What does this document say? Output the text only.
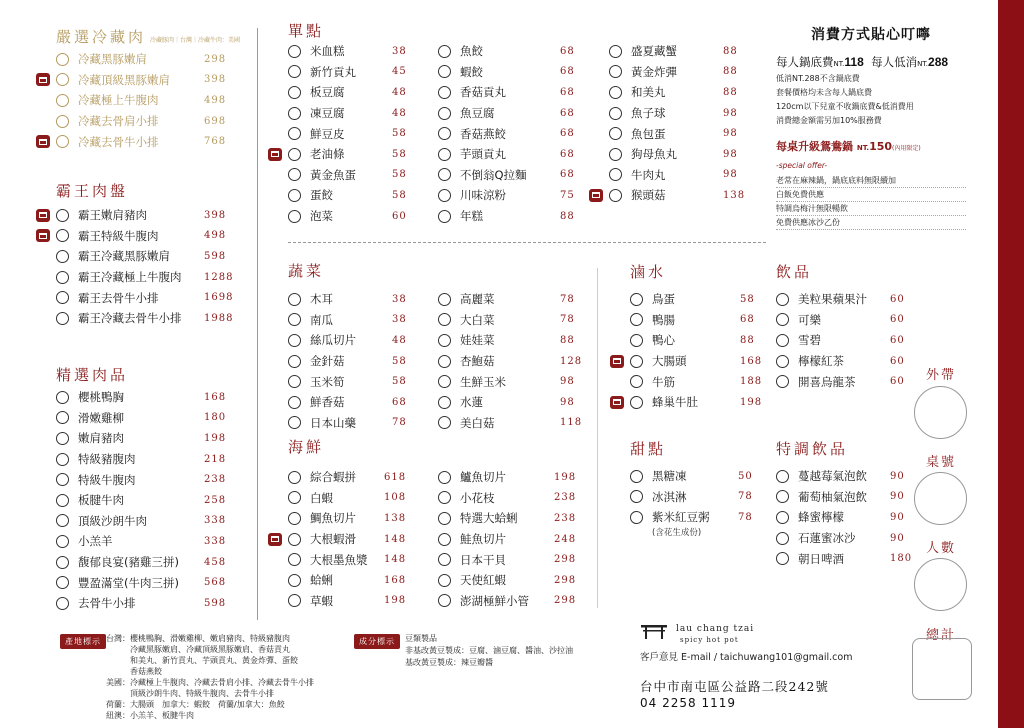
嚴選冷藏肉 冷藏豚肉｜台灣｜冷藏牛肉：美國
冷藏黑豚嫩肩	298
冷藏頂級黑豚嫩肩	398
冷藏極上牛腹肉	498
冷藏去骨肩小排	698
冷藏去骨牛小排	768
霸王肉盤
霸王嫩肩豬肉	398
霸王特級牛腹肉	498
霸王冷藏黑豚嫩肩	598
霸王冷藏極上牛腹肉 1288
霸王去骨牛小排	1698
霸王冷藏去骨牛小排 1988
精選肉品
櫻桃鴨胸	168
滑嫩雞柳	180
嫩肩豬肉	198
特級豬腹肉	218
特級牛腹肉	238
板腱牛肉	258
頂級沙朗牛肉	338
小羔羊	338
馥郁良宴(豬雞三拼)	458
豐盈滿堂(牛肉三拼)	568
去骨牛小排	598
單點
米血糕	38
新竹貢丸	45
板豆腐	48
凍豆腐	48
鮮豆皮	58
老油條	58
黃金魚蛋	58
蛋餃	58
泡菜	60
魚餃	68
蝦餃	68
香菇貢丸	68
魚豆腐	68
香菇燕餃	68
芋頭貢丸	68
不倒翁Q拉麵	68
川味涼粉	75
年糕	88
盛夏藏蟹	88
黃金炸彈	88
和美丸	88
魚子球	98
魚包蛋	98
狗母魚丸	98
牛肉丸	98
猴頭菇	138
蔬菜
木耳	38
南瓜	38
絲瓜切片	48
金針菇	58
玉米筍	58
鮮香菇	68
日本山藥	78
高麗菜	78
大白菜	78
娃娃菜	88
杏鮑菇	128
生鮮玉米	98
水蓮	98
美白菇	118
海鮮
綜合蝦拼	618
白蝦	108
鯛魚切片	138
大根蝦滑	148
大根墨魚漿 148
蛤蜊	168
草蝦	198
鱸魚切片	198
小花枝	238
特選大蛤蜊	238
鮭魚切片	248
日本干貝	298
天使紅蝦	298
澎湖極鮮小管	298
滷水
鳥蛋	58
鴨腸	68
鴨心	88
大腸頭	168
牛筋	188
蜂巢牛肚	198
甜點
黑糖凍	50
冰淇淋	78
紫米紅豆粥	78
(含花生成份)
飲品
美粒果蘋果汁 60
可樂	60
雪碧	60
檸檬紅茶	60
開喜烏龍茶	60
特調飲品
蔓越莓氣泡飲 90
葡萄柚氣泡飲 90
蜂蜜檸檬	90
石蓮蜜冰沙	90
朝日啤酒	180
消費方式貼心叮嚀
每人鍋底費NT.118 每人低消NT.288
低消NT.288不含鍋底費
套餐價格均未含每人鍋底費
120cm以下兒童不收鍋底費&低消費用
消費總金額需另加10%服務費
每桌升級鴛鴦鍋 NT.150(內用限定)
-special offer-
老常在麻辣鍋，鍋底底料無限續加
白飯免費供應
特調烏梅汁無限暢飲
免費供應冰沙乙份
外帶
桌號
人數
總計
產地標示 台灣：櫻桃鴨胸、滑嫩雞柳、嫩肩豬肉、特級豬腹肉
　　　冷藏黑豚嫩肩、冷藏頂級黑豚嫩肩、香菇貢丸
　　　和美丸、新竹貢丸、芋頭貢丸、黃金炸彈、蛋餃
　　　香菇燕餃
美國：冷藏極上牛腹肉、冷藏去骨肩小排、冷藏去骨牛小排
　　　頂級沙朗牛肉、特級牛腹肉、去骨牛小排
荷蘭：大腸頭　加拿大：蝦餃　荷蘭/加拿大：魚餃
紐澳：小羔羊、板腱牛肉
成分標示	豆類製品
非基改黃豆製成：豆腐、滷豆腐、醬油、沙拉油
基改黃豆製成：辣豆瓣醬
lau chang tzai
spicy hot pot
客戶意見 E-mail / taichuwang101@gmail.com
台中市南屯區公益路二段242號
04 2258 1119
